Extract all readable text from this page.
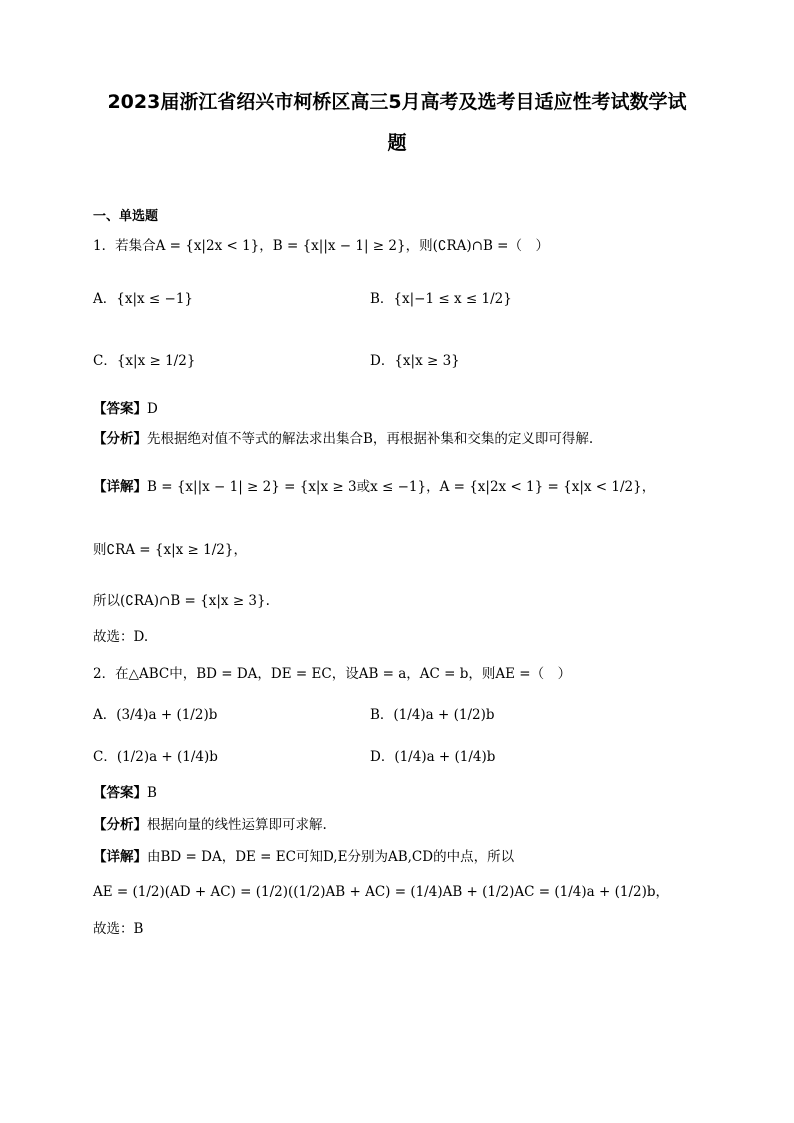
2023届浙江省绍兴市柯桥区高三5月高考及选考目适应性考试数学试
题
一、单选题
1．若集合A = {x|2x < 1}，B = {x||x − 1| ≥ 2}，则(∁RA)∩B =（　）
A．{x|x ≤ −1}	B．{x|−1 ≤ x ≤ 1/2}
C．{x|x ≥ 1/2}	D．{x|x ≥ 3}
【答案】D
【分析】先根据绝对值不等式的解法求出集合B，再根据补集和交集的定义即可得解.
【详解】B = {x||x − 1| ≥ 2} = {x|x ≥ 3或x ≤ −1}，A = {x|2x < 1} = {x|x < 1/2}，
则∁RA = {x|x ≥ 1/2}，
所以(∁RA)∩B = {x|x ≥ 3}.
故选：D.
2．在△ABC中，BD = DA，DE = EC，设AB = a，AC = b，则AE =（　）
A．(3/4)a + (1/2)b	B．(1/4)a + (1/2)b
C．(1/2)a + (1/4)b	D．(1/4)a + (1/4)b
【答案】B
【分析】根据向量的线性运算即可求解.
【详解】由BD = DA，DE = EC可知D,E分别为AB,CD的中点，所以
AE = (1/2)(AD + AC) = (1/2)((1/2)AB + AC) = (1/4)AB + (1/2)AC = (1/4)a + (1/2)b，
故选：B
